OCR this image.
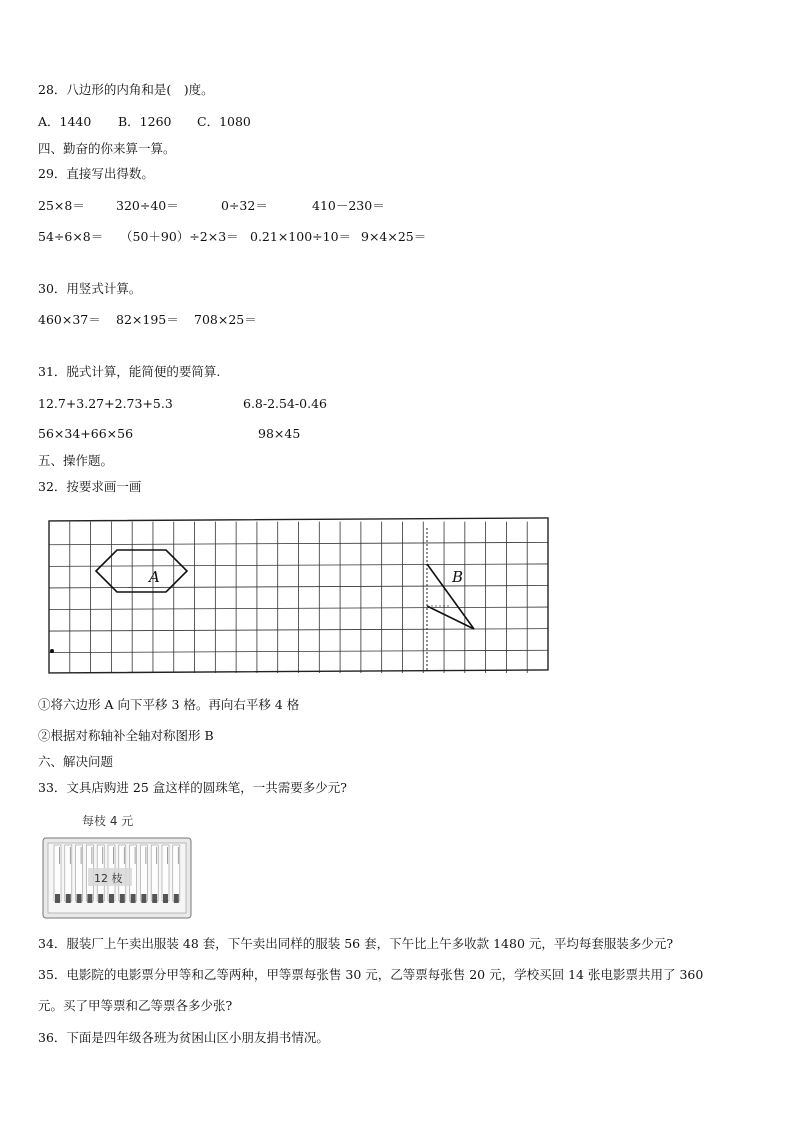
28．八边形的内角和是(　)度。
A．1440 B．1260 C．1080
四、勤奋的你来算一算。
29．直接写出得数。
25×8＝ 320÷40＝	0÷32＝	410－230＝
54÷6×8＝ （50＋90）÷2×3＝ 0.21×100÷10＝ 9×4×25＝
30．用竖式计算。
460×37＝ 82×195＝ 708×25＝
31．脱式计算，能简便的要简算.
12.7+3.27+2.73+5.3	6.8-2.54-0.46
56×34+66×56	98×45
五、操作题。
32．按要求画一画
A	B
①将六边形 A 向下平移 3 格。再向右平移 4 格
②根据对称轴补全轴对称图形 B
六、解决问题
33．文具店购进 25 盒这样的圆珠笔，一共需要多少元?
每枝 4 元
12 枝
34．服装厂上午卖出服装 48 套，下午卖出同样的服装 56 套，下午比上午多收款 1480 元，平均每套服装多少元?
35．电影院的电影票分甲等和乙等两种，甲等票每张售 30 元，乙等票每张售 20 元，学校买回 14 张电影票共用了 360
元。买了甲等票和乙等票各多少张?
36．下面是四年级各班为贫困山区小朋友捐书情况。
